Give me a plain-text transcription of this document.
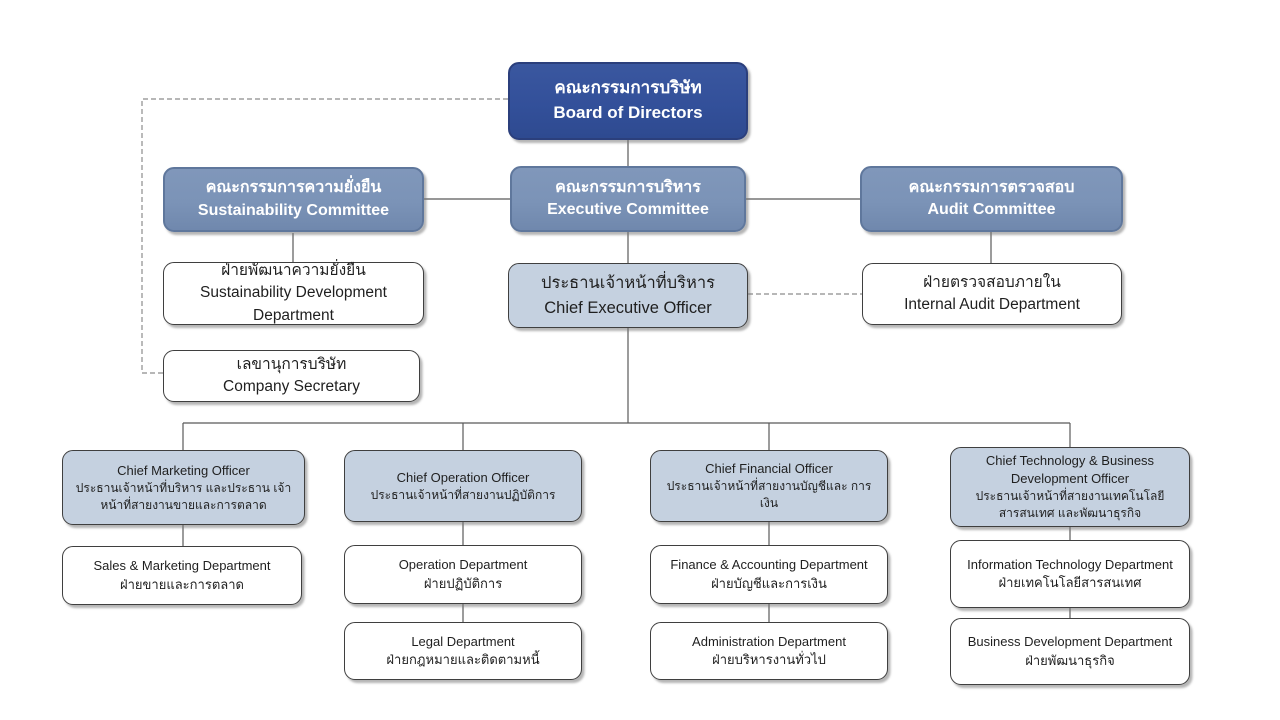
คณะกรรมการบริษัท
Board of Directors
คณะกรรมการความยั่งยืน
Sustainability Committee
คณะกรรมการบริหาร
Executive Committee
คณะกรรมการตรวจสอบ
Audit Committee
ฝ่ายพัฒนาความยั่งยืน
Sustainability Development Department
ประธานเจ้าหน้าที่บริหาร
Chief Executive Officer
ฝ่ายตรวจสอบภายใน
Internal Audit Department
เลขานุการบริษัท
Company Secretary
Chief Marketing Officer
ประธานเจ้าหน้าที่บริหาร และประธาน เจ้าหน้าที่สายงานขายและการตลาด
Chief Operation Officer
ประธานเจ้าหน้าที่สายงานปฏิบัติการ
Chief Financial Officer
ประธานเจ้าหน้าที่สายงานบัญชีและ การเงิน
Chief Technology & Business Development Officer
ประธานเจ้าหน้าที่สายงานเทคโนโลยี สารสนเทศ และพัฒนาธุรกิจ
Sales & Marketing Department
ฝ่ายขายและการตลาด
Operation Department
ฝ่ายปฏิบัติการ
Finance & Accounting Department
ฝ่ายบัญชีและการเงิน
Information Technology Department
ฝ่ายเทคโนโลยีสารสนเทศ
Legal Department
ฝ่ายกฎหมายและติดตามหนี้
Administration Department
ฝ่ายบริหารงานทั่วไป
Business Development Department
ฝ่ายพัฒนาธุรกิจ
